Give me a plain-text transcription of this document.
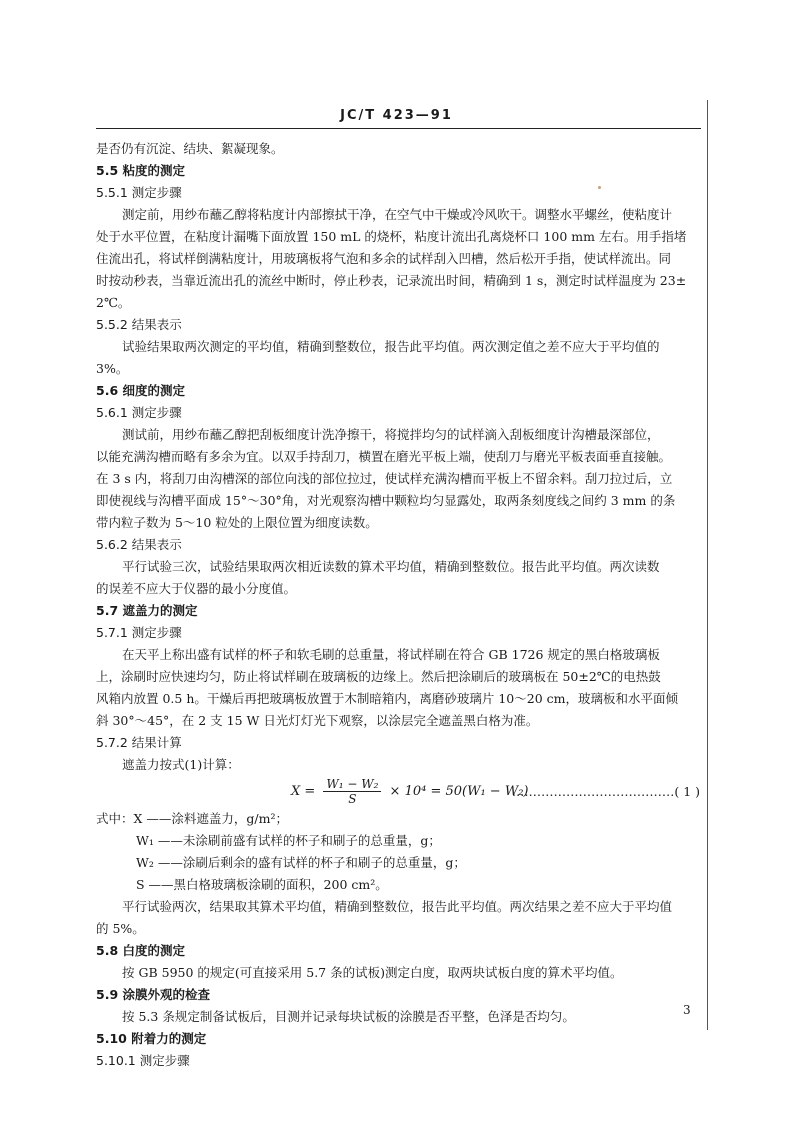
JC/T 423—91
是否仍有沉淀、结块、絮凝现象。
5.5 粘度的测定
5.5.1 测定步骤
测定前，用纱布蘸乙醇将粘度计内部擦拭干净，在空气中干燥或冷风吹干。调整水平螺丝，使粘度计
处于水平位置，在粘度计漏嘴下面放置 150 mL 的烧杯，粘度计流出孔离烧杯口 100 mm 左右。用手指堵
住流出孔，将试样倒满粘度计，用玻璃板将气泡和多余的试样刮入凹槽，然后松开手指，使试样流出。同
时按动秒表，当靠近流出孔的流丝中断时，停止秒表，记录流出时间，精确到 1 s，测定时试样温度为 23±
2℃。
5.5.2 结果表示
试验结果取两次测定的平均值，精确到整数位，报告此平均值。两次测定值之差不应大于平均值的
3%。
5.6 细度的测定
5.6.1 测定步骤
测试前，用纱布蘸乙醇把刮板细度计洗净擦干，将搅拌均匀的试样滴入刮板细度计沟槽最深部位，
以能充满沟槽而略有多余为宜。以双手持刮刀，横置在磨光平板上端，使刮刀与磨光平板表面垂直接触。
在 3 s 内，将刮刀由沟槽深的部位向浅的部位拉过，使试样充满沟槽而平板上不留余料。刮刀拉过后，立
即使视线与沟槽平面成 15°～30°角，对光观察沟槽中颗粒均匀显露处，取两条刻度线之间约 3 mm 的条
带内粒子数为 5～10 粒处的上限位置为细度读数。
5.6.2 结果表示
平行试验三次，试验结果取两次相近读数的算术平均值，精确到整数位。报告此平均值。两次读数
的误差不应大于仪器的最小分度值。
5.7 遮盖力的测定
5.7.1 测定步骤
在天平上称出盛有试样的杯子和软毛刷的总重量，将试样刷在符合 GB 1726 规定的黑白格玻璃板
上，涂刷时应快速均匀，防止将试样刷在玻璃板的边缘上。然后把涂刷后的玻璃板在 50±2℃的电热鼓
风箱内放置 0.5 h。干燥后再把玻璃板放置于木制暗箱内，离磨砂玻璃片 10～20 cm，玻璃板和水平面倾
斜 30°～45°，在 2 支 15 W 日光灯灯光下观察，以涂层完全遮盖黑白格为准。
5.7.2 结果计算
遮盖力按式(1)计算：
$X = \frac{\text{W₁ − W₂}}{S} \times 10^4 = 50(W_1 - W_2)$
…………………………………( 1 )
式中：X ——涂料遮盖力，g/m²；
W₁ ——未涂刷前盛有试样的杯子和刷子的总重量，g；
W₂ ——涂刷后剩余的盛有试样的杯子和刷子的总重量，g；
S ——黑白格玻璃板涂刷的面积，200 cm²。
平行试验两次，结果取其算术平均值，精确到整数位，报告此平均值。两次结果之差不应大于平均值
的 5%。
5.8 白度的测定
按 GB 5950 的规定(可直接采用 5.7 条的试板)测定白度，取两块试板白度的算术平均值。
5.9 涂膜外观的检查
按 5.3 条规定制备试板后，目测并记录每块试板的涂膜是否平整，色泽是否均匀。
5.10 附着力的测定
5.10.1 测定步骤
3
